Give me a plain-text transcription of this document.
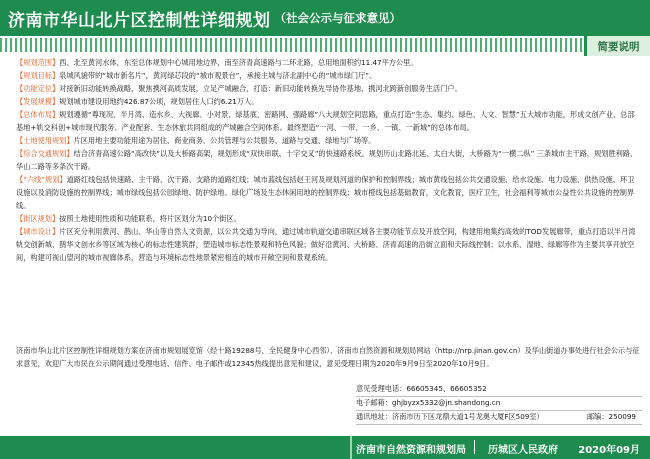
济南市华山北片区控制性详细规划 （社会公示与征求意见）
简要说明

【规划范围】西、北至黄河水体，东至总体规划中心城用地边界，南至济青高速路与二环北路，总用地面积约11.47平方公里。

【规划目标】泉城风貌带的“城市新名片”，黄河绿芯段的“城市观景台”，承接主城与济北副中心的“城市绿门厅”。

【功能定位】对接新旧动能转换战略，聚焦携河高质发展，立足产城融合，打造：新旧动能转换先导协作基地、携河北跨新创服务生活门户。

【发展规模】规划城市建设用地约426.87公顷，规划居住人口约6.21万人。

【总体布局】规划遵循“尊现况、半月湾、造水乡、大视廊、小对景、绿基底、密路网、强路廊”八大规划空间思路，重点打造“生态、集约、绿色、人文、智慧”五大城市功能，形成文创产业、总部基地+轨交科创+城市现代服务、产业配套、生态休旅共同组成的产城融合空间体系。最终塑造“一河、一带、一乡、一镇、一新城”的总体布局。

【土地使用规划】片区用地主要功能用途为居住、商业商务、公共管理与公共服务、道路与交通、绿地与广场等。

【综合交通规划】结合济青高速公路“高改快”以及大桥路高架，规划形成“双快串联、十字交叉”的快速路系统。规划历山北路北延、太白大街，大桥路为“一横二纵” 三条城市主干路，规划胜利路、华山二路等多条次干路。

【“六线”规划】道路红线包括快速路、主干路、次干路、支路的道路红线；城市蓝线包括赵王河及规划河道的保护和控制界线；城市黄线包括公共交通设施、给水设施、电力设施、供热设施、环卫设施以及消防设施的控制界线；城市绿线包括公园绿地、防护绿地、绿化广场及生态休闲用地的控制界线；城市橙线包括基础教育，文化教育，医疗卫生，社会福利等城市公益性公共设施的控制界线。

【街区规划】按照土地使用性质和功能联系，将片区划分为10个街区。

【城市设计】片区充分利用黄河、鹊山、华山等自然人文资源，以公共交通为导向，通过城市轨道交通串联区域各主要功能节点及开放空间，构建用地集约高效的TOD发展廊带，重点打造以半月湾轨交创新城、鹊华文创水乡等区域为核心的标志性建筑群，塑造城市标志性景观和特色风貌；做好沿黄河、大桥路、济青高速的沿街立面和天际线控制；以水系、湿地、绿廊等作为主要共享开放空间，构建可视山望河的城市视廊体系，营造与环境标志性地景紧密相连的城市开敞空间和景观系统。

济南市华山北片区控制性详细规划方案在济南市规划展览馆（经十路19288号，全民健身中心西邻）、济南市自然资源和规划局网站（http://nrp.jinan.gov.cn）及华山街道办事处进行社会公示与征求意见，欢迎广大市民在公示期间通过受理电话、信件、电子邮件或12345热线提出意见和建议，意见受理日期为2020年9月9日至2020年10月9日。
意见受理电话：66605345、66605352
电子邮箱：ghjbyzx5332@jn.shandong.cn
通讯地址：济南市历下区龙鼎大道1号龙奥大厦F区509室）	邮编：250099
济南市自然资源和规划局 历城区人民政府 2020年09月
